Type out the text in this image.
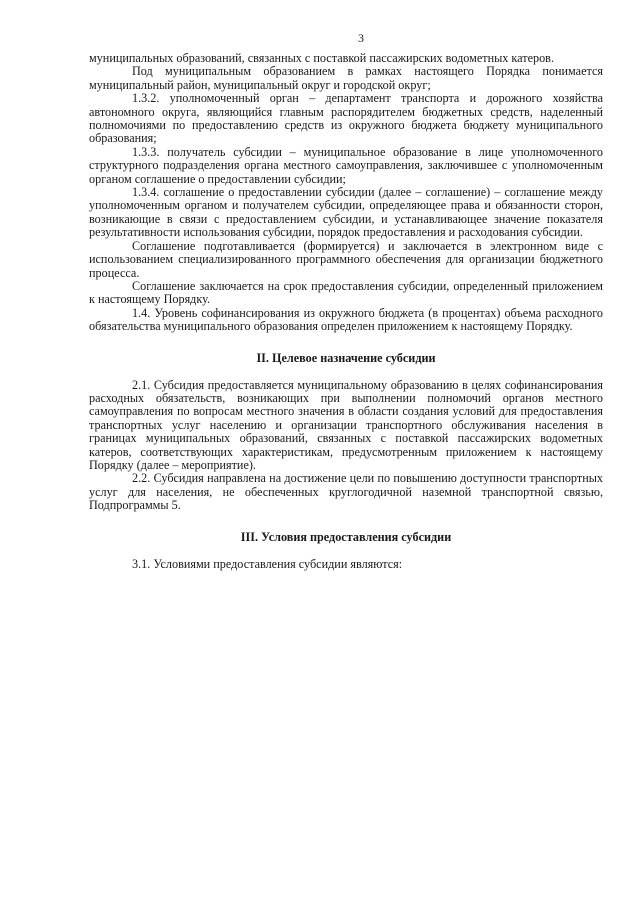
3

муниципальных образований, связанных с поставкой пассажирских водометных катеров.

Под муниципальным образованием в рамках настоящего Порядка понимается муниципальный район, муниципальный округ и городской округ;

1.3.2. уполномоченный орган – департамент транспорта и дорожного хозяйства автономного округа, являющийся главным распорядителем бюджетных средств, наделенный полномочиями по предоставлению средств из окружного бюджета бюджету муниципального образования;

1.3.3. получатель субсидии – муниципальное образование в лице уполномоченного структурного подразделения органа местного самоуправления, заключившее с уполномоченным органом соглашение о предоставлении субсидии;

1.3.4. соглашение о предоставлении субсидии (далее – соглашение) – соглашение между уполномоченным органом и получателем субсидии, определяющее права и обязанности сторон, возникающие в связи с предоставлением субсидии, и устанавливающее значение показателя результативности использования субсидии, порядок предоставления и расходования субсидии.

Соглашение подготавливается (формируется) и заключается в электронном виде с использованием специализированного программного обеспечения для организации бюджетного процесса.

Соглашение заключается на срок предоставления субсидии, определенный приложением к настоящему Порядку.

1.4. Уровень софинансирования из окружного бюджета (в процентах) объема расходного обязательства муниципального образования определен приложением к настоящему Порядку.

II. Целевое назначение субсидии

2.1. Субсидия предоставляется муниципальному образованию в целях софинансирования расходных обязательств, возникающих при выполнении полномочий органов местного самоуправления по вопросам местного значения в области создания условий для предоставления транспортных услуг населению и организации транспортного обслуживания населения в границах муниципальных образований, связанных с поставкой пассажирских водометных катеров, соответствующих характеристикам, предусмотренным приложением к настоящему Порядку (далее – мероприятие).

2.2. Субсидия направлена на достижение цели по повышению доступности транспортных услуг для населения, не обеспеченных круглогодичной наземной транспортной связью, Подпрограммы 5.

III. Условия предоставления субсидии

3.1. Условиями предоставления субсидии являются:
